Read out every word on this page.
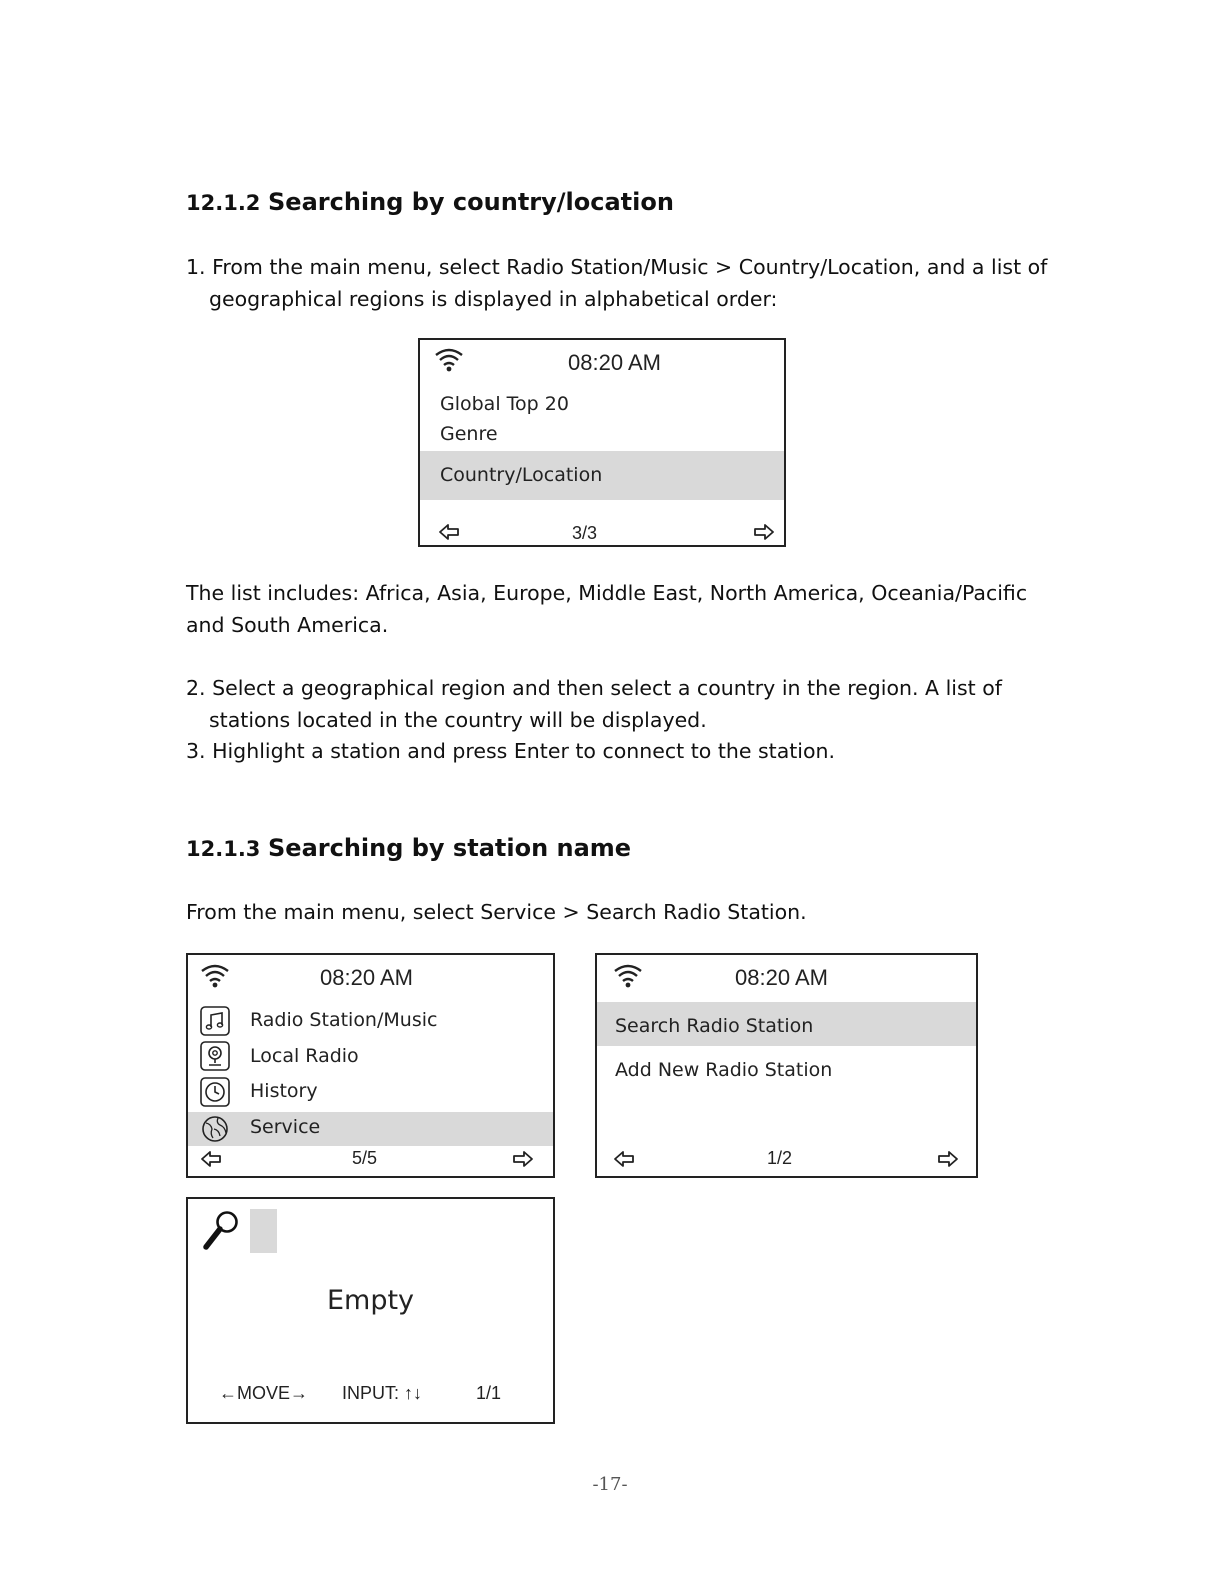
12.1.2 Searching by country/location
1. From the main menu, select Radio Station/Music > Country/Location, and a list of
geographical regions is displayed in alphabetical order:
08:20 AM
Global Top 20
Genre
Country/Location
3/3
The list includes: Africa, Asia, Europe, Middle East, North America, Oceania/Pacific
and South America.
2. Select a geographical region and then select a country in the region. A list of
stations located in the country will be displayed.
3. Highlight a station and press Enter to connect to the station.
12.1.3 Searching by station name
From the main menu, select Service > Search Radio Station.
08:20 AM
Radio Station/Music
Local Radio
History
Service
5/5
08:20 AM
Search Radio Station
Add New Radio Station
1/2
Empty
←MOVE→ INPUT: ↑↓	1/1
-17-
